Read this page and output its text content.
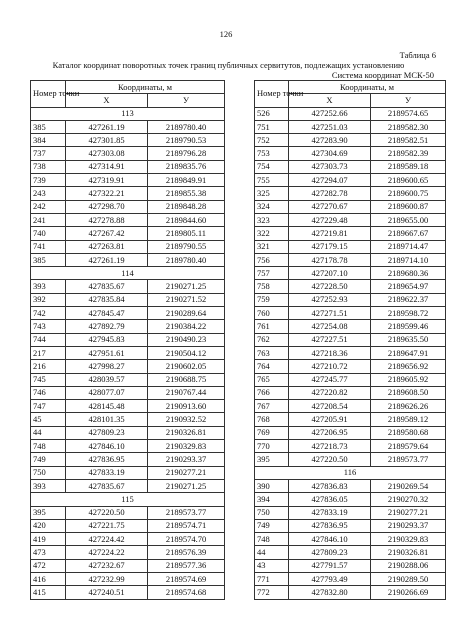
126
Таблица 6
Каталог координат поворотных точек границ публичных сервитутов, подлежащих установлению
Система координат МСК-50
Номер точки	Координаты, м	
	X	У
113		
385	427261.19	2189780.40
384	427301.85	2189790.53
737	427303.08	2189796.28
738	427314.91	2189835.76
739	427319.91	2189849.91
243	427322.21	2189855.38
242	427298.70	2189848.28
241	427278.88	2189844.60
740	427267.42	2189805.11
741	427263.81	2189790.55
385	427261.19	2189780.40
114		
393	427835.67	2190271.25
392	427835.84	2190271.52
742	427845.47	2190289.64
743	427892.79	2190384.22
744	427945.83	2190490.23
217	427951.61	2190504.12
216	427998.27	2190602.05
745	428039.57	2190688.75
746	428077.07	2190767.44
747	428145.48	2190913.60
45	428101.35	2190932.52
44	427809.23	2190326.81
748	427846.10	2190329.83
749	427836.95	2190293.37
750	427833.19	2190277.21
393	427835.67	2190271.25
115		
395	427220.50	2189573.77
420	427221.75	2189574.71
419	427224.42	2189574.70
473	427224.22	2189576.39
472	427232.67	2189577.36
416	427232.99	2189574.69
415	427240.51	2189574.68
Номер точки	Координаты, м	
	X	У
526	427252.66	2189574.65
751	427251.03	2189582.30
752	427283.90	2189582.51
753	427304.69	2189582.39
754	427303.73	2189589.18
755	427294.07	2189600.65
325	427282.78	2189600.75
324	427270.67	2189600.87
323	427229.48	2189655.00
322	427219.81	2189667.67
321	427179.15	2189714.47
756	427178.78	2189714.10
757	427207.10	2189680.36
758	427228.50	2189654.97
759	427252.93	2189622.37
760	427271.51	2189598.72
761	427254.08	2189599.46
762	427227.51	2189635.50
763	427218.36	2189647.91
764	427210.72	2189656.92
765	427245.77	2189605.92
766	427220.82	2189608.50
767	427208.54	2189626.26
768	427205.91	2189589.12
769	427206.95	2189580.68
770	427218.73	2189579.64
395	427220.50	2189573.77
116		
390	427836.83	2190269.54
394	427836.05	2190270.32
750	427833.19	2190277.21
749	427836.95	2190293.37
748	427846.10	2190329.83
44	427809.23	2190326.81
43	427791.57	2190288.06
771	427793.49	2190289.50
772	427832.80	2190266.69
